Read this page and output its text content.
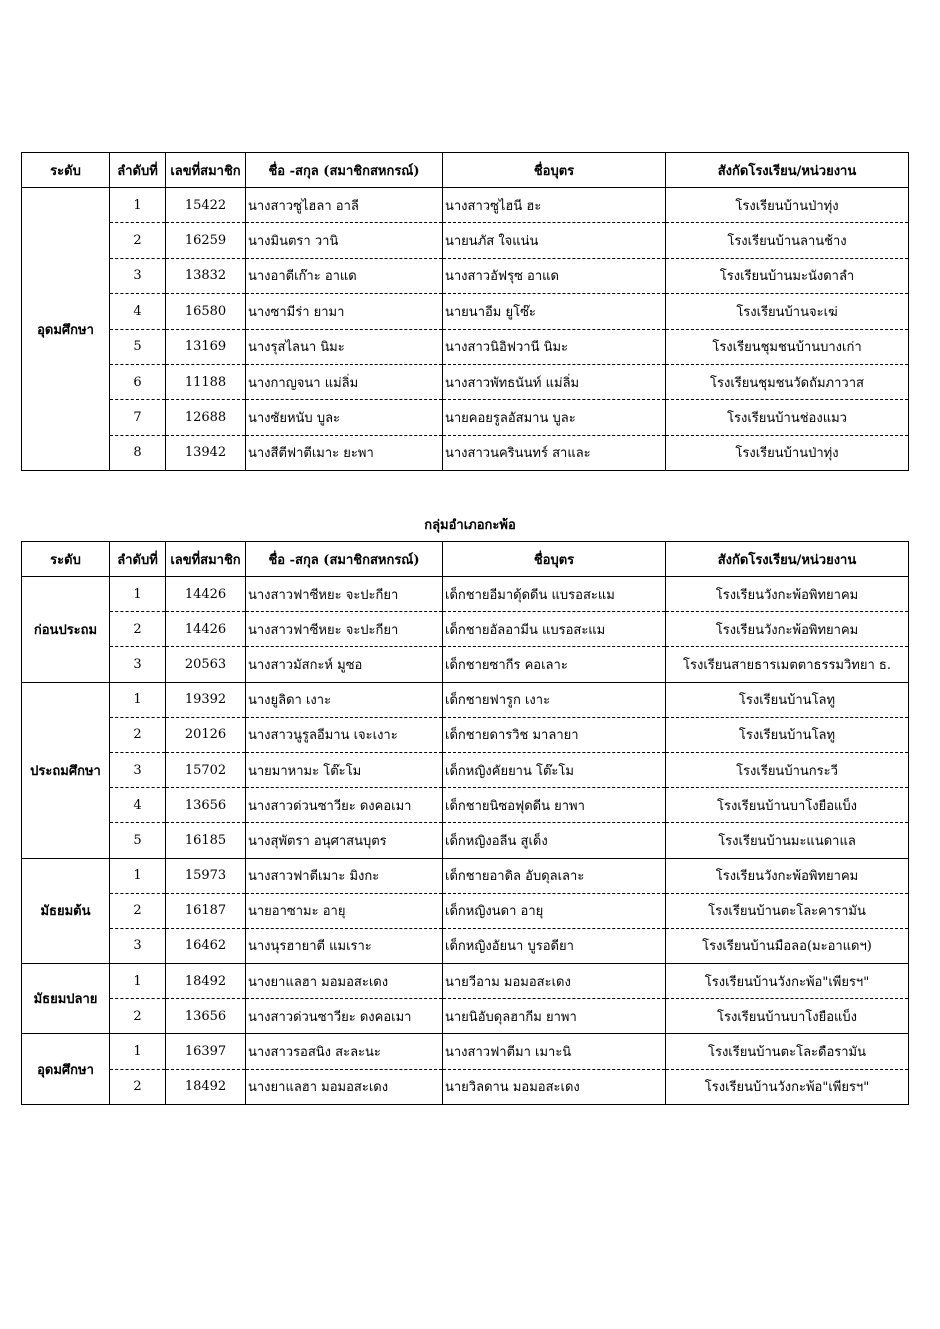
ระดับ	ลำดับที่	เลขที่สมาชิก	ชื่อ -สกุล (สมาชิกสหกรณ์)	ชื่อบุตร	สังกัดโรงเรียน/หน่วยงาน
อุดมศึกษา	1	15422	นางสาวซูไฮลา อาลี	นางสาวซูไฮนี ฮะ	โรงเรียนบ้านป่าทุ่ง
	2	16259	นางมินตรา วานิ	นายนภัส ใจแน่น	โรงเรียนบ้านลานช้าง
	3	13832	นางอาตีเก๊าะ อาแด	นางสาวอัฟรุซ อาแด	โรงเรียนบ้านมะนังดาลำ
	4	16580	นางซามีร่า ยามา	นายนาอีม ยูโซ๊ะ	โรงเรียนบ้านจะเฆ่
	5	13169	นางรุสไลนา นิมะ	นางสาวนิอิฟวานี นิมะ	โรงเรียนชุมชนบ้านบางเก่า
	6	11188	นางกาญจนา แม่ลิ่ม	นางสาวพัทธนันท์ แม่ลิ่ม	โรงเรียนชุมชนวัดถัมภาวาส
	7	12688	นางซัยหนับ บูละ	นายคอยรูลอัสมาน บูละ	โรงเรียนบ้านช่องแมว
	8	13942	นางสีตีฟาตีเมาะ ยะพา	นางสาวนครินนทร์ สาและ	โรงเรียนบ้านป่าทุ่ง
กลุ่มอำเภอกะพ้อ
ระดับ	ลำดับที่	เลขที่สมาชิก	ชื่อ -สกุล (สมาชิกสหกรณ์)	ชื่อบุตร	สังกัดโรงเรียน/หน่วยงาน
ก่อนประถม	1	14426	นางสาวฟาซีหยะ จะปะกียา	เด็กชายอีมาดุ้ดดีน แบรอสะแม	โรงเรียนวังกะพ้อพิทยาคม
	2	14426	นางสาวฟาซีหยะ จะปะกียา	เด็กชายอัลอามีน แบรอสะแม	โรงเรียนวังกะพ้อพิทยาคม
	3	20563	นางสาวมัสกะห์ มูซอ	เด็กชายซากีร คอเลาะ	โรงเรียนสายธารเมตตาธรรมวิทยา ธ.
ประถมศึกษา	1	19392	นางยูลิดา เงาะ	เด็กชายฟารูก เงาะ	โรงเรียนบ้านโลทู
	2	20126	นางสาวนูรูลอีมาน เจะเงาะ	เด็กชายดารวิช มาลายา	โรงเรียนบ้านโลทู
	3	15702	นายมาหามะ โต๊ะโม	เด็กหญิงคัยยาน โต๊ะโม	โรงเรียนบ้านกระวี
	4	13656	นางสาวด่วนซาวียะ ดงคอเมา	เด็กชายนิซอฟุดดีน ยาพา	โรงเรียนบ้านบาโงยือแบ็ง
	5	16185	นางสุพัตรา อนุศาสนบุตร	เด็กหญิงอลีน สูเด็ง	โรงเรียนบ้านมะแนดาแล
มัธยมต้น	1	15973	นางสาวฟาตีเมาะ มิงกะ	เด็กชายอาดิล อับดุลเลาะ	โรงเรียนวังกะพ้อพิทยาคม
	2	16187	นายอาซามะ อายุ	เด็กหญิงนดา อายุ	โรงเรียนบ้านตะโละคารามัน
	3	16462	นางนุรฮายาตี แมเราะ	เด็กหญิงอัยนา บูรอดียา	โรงเรียนบ้านมือลอ(มะอาแดฯ)
มัธยมปลาย	1	18492	นางยาแลฮา มอมอสะเดง	นายวีอาม มอมอสะเดง	โรงเรียนบ้านวังกะพ้อ"เพียรฯ"
	2	13656	นางสาวด่วนซาวียะ ดงคอเมา	นายนิอับดุลฮากีม ยาพา	โรงเรียนบ้านบาโงยือแบ็ง
อุดมศึกษา	1	16397	นางสาวรอสนิง สะละนะ	นางสาวฟาตีมา เมาะนิ	โรงเรียนบ้านตะโละดือรามัน
	2	18492	นางยาแลฮา มอมอสะเดง	นายวิลดาน มอมอสะเดง	โรงเรียนบ้านวังกะพ้อ"เพียรฯ"
